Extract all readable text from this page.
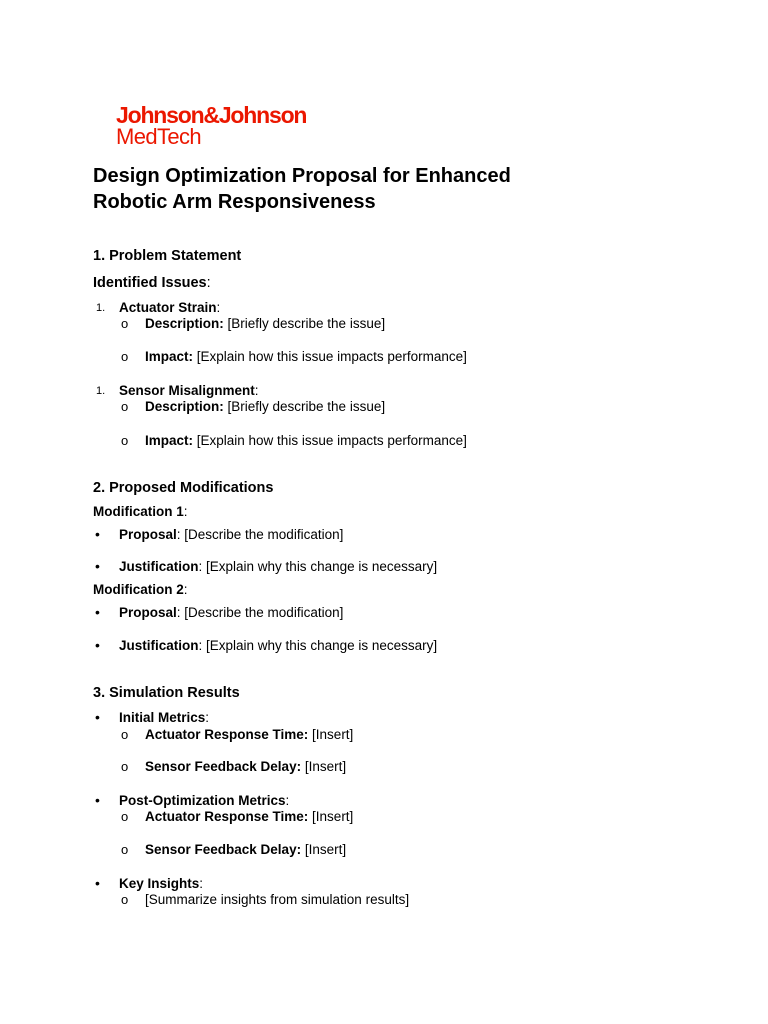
Johnson&Johnson
MedTech
Design Optimization Proposal for Enhanced
Robotic Arm Responsiveness
1. Problem Statement
Identified Issues:
1. Actuator Strain:
o Description: [Briefly describe the issue]
o Impact: [Explain how this issue impacts performance]
1. Sensor Misalignment:
o Description: [Briefly describe the issue]
o Impact: [Explain how this issue impacts performance]
2. Proposed Modifications
Modification 1:
• Proposal: [Describe the modification]
• Justification: [Explain why this change is necessary]
Modification 2:
• Proposal: [Describe the modification]
• Justification: [Explain why this change is necessary]
3. Simulation Results
• Initial Metrics:
o Actuator Response Time: [Insert]
o Sensor Feedback Delay: [Insert]
• Post-Optimization Metrics:
o Actuator Response Time: [Insert]
o Sensor Feedback Delay: [Insert]
• Key Insights:
o [Summarize insights from simulation results]
